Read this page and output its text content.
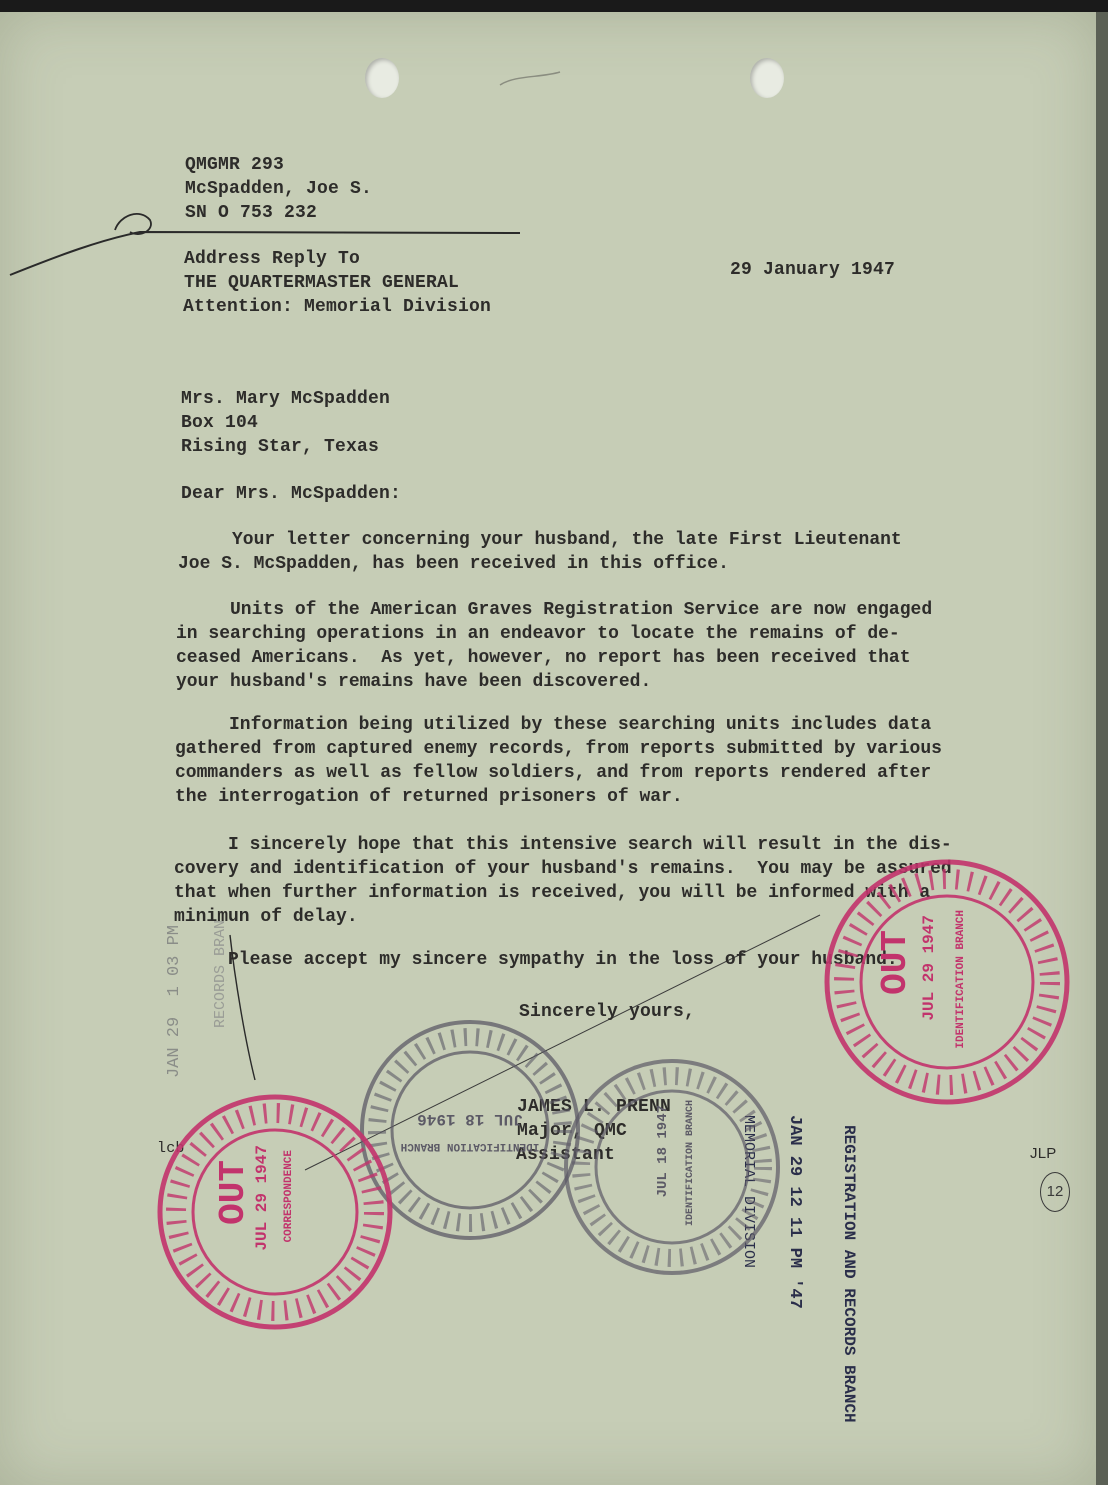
QMGMR 293
McSpadden, Joe S.
SN O 753 232
Address Reply To
THE QUARTERMASTER GENERAL
Attention: Memorial Division
29 January 1947
Mrs. Mary McSpadden
Box 104
Rising Star, Texas
Dear Mrs. McSpadden:
Your letter concerning your husband, the late First Lieutenant
Joe S. McSpadden, has been received in this office.
Units of the American Graves Registration Service are now engaged
in searching operations in an endeavor to locate the remains of de-
ceased Americans.  As yet, however, no report has been received that
your husband's remains have been discovered.
Information being utilized by these searching units includes data
gathered from captured enemy records, from reports submitted by various
commanders as well as fellow soldiers, and from reports rendered after
the interrogation of returned prisoners of war.
I sincerely hope that this intensive search will result in the dis-
covery and identification of your husband's remains.  You may be assured
that when further information is received, you will be informed with a
minimun of delay.
Please accept my sincere sympathy in the loss of your husband.
Sincerely yours,
JAMES L. PRENN
Major, QMC
Assistant
lcb	JLP
12
JAN 29 12 11 PM '47
MEMORIAL DIVISION	REGISTRATION AND RECORDS BRANCH
JAN 29  1 03 PM RECORDS BRAN
JUL 18 1946
IDENTIFICATION BRANCH	JUL 18 1947 IDENTIFICATION BRANCH
OUT JUL 29 1947 CORRESPONDENCE
OUT JUL 29 1947 IDENTIFICATION BRANCH
